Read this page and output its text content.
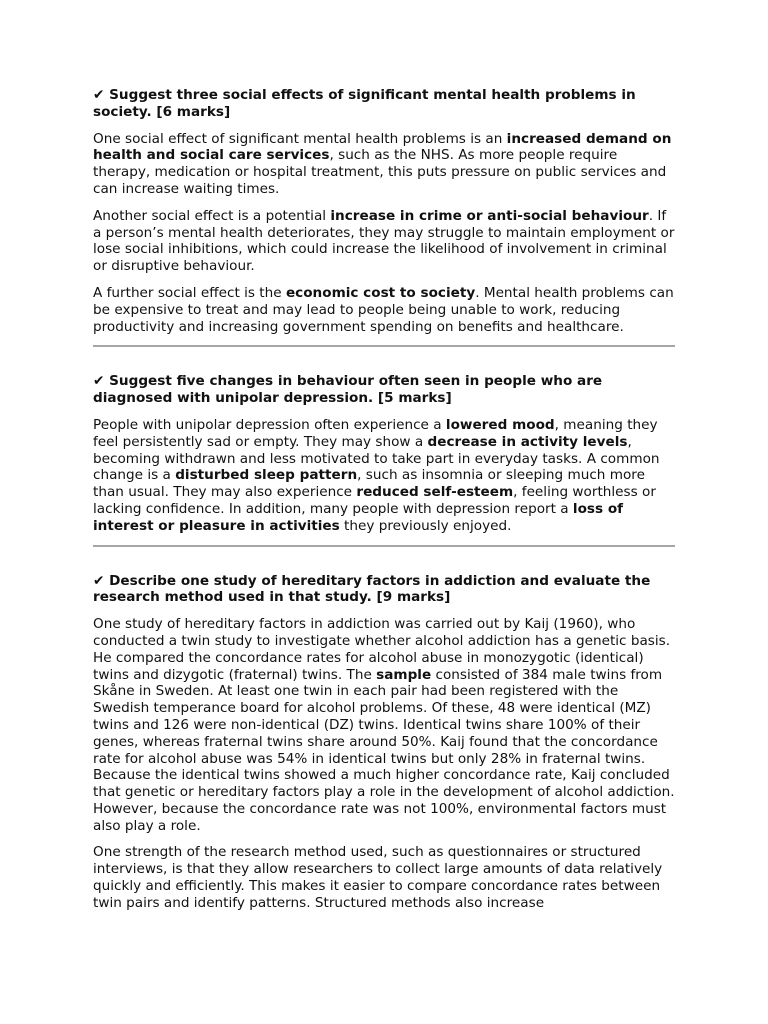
✔ Suggest three social effects of significant mental health problems in society. [6 marks]

One social effect of significant mental health problems is an increased demand on health and social care services, such as the NHS. As more people require therapy, medication or hospital treatment, this puts pressure on public services and can increase waiting times.

Another social effect is a potential increase in crime or anti-social behaviour. If a person’s mental health deteriorates, they may struggle to maintain employment or lose social inhibitions, which could increase the likelihood of involvement in criminal or disruptive behaviour.

A further social effect is the economic cost to society. Mental health problems can be expensive to treat and may lead to people being unable to work, reducing productivity and increasing government spending on benefits and healthcare.

✔ Suggest five changes in behaviour often seen in people who are diagnosed with unipolar depression. [5 marks]

People with unipolar depression often experience a lowered mood, meaning they feel persistently sad or empty. They may show a decrease in activity levels, becoming withdrawn and less motivated to take part in everyday tasks. A common change is a disturbed sleep pattern, such as insomnia or sleeping much more than usual. They may also experience reduced self-esteem, feeling worthless or lacking confidence. In addition, many people with depression report a loss of interest or pleasure in activities they previously enjoyed.

✔ Describe one study of hereditary factors in addiction and evaluate the research method used in that study. [9 marks]

One study of hereditary factors in addiction was carried out by Kaij (1960), who conducted a twin study to investigate whether alcohol addiction has a genetic basis. He compared the concordance rates for alcohol abuse in monozygotic (identical) twins and dizygotic (fraternal) twins. The sample consisted of 384 male twins from Skåne in Sweden. At least one twin in each pair had been registered with the Swedish temperance board for alcohol problems. Of these, 48 were identical (MZ) twins and 126 were non-identical (DZ) twins. Identical twins share 100% of their genes, whereas fraternal twins share around 50%. Kaij found that the concordance rate for alcohol abuse was 54% in identical twins but only 28% in fraternal twins. Because the identical twins showed a much higher concordance rate, Kaij concluded that genetic or hereditary factors play a role in the development of alcohol addiction. However, because the concordance rate was not 100%, environmental factors must also play a role.

One strength of the research method used, such as questionnaires or structured interviews, is that they allow researchers to collect large amounts of data relatively quickly and efficiently. This makes it easier to compare concordance rates between twin pairs and identify patterns. Structured methods also increase
